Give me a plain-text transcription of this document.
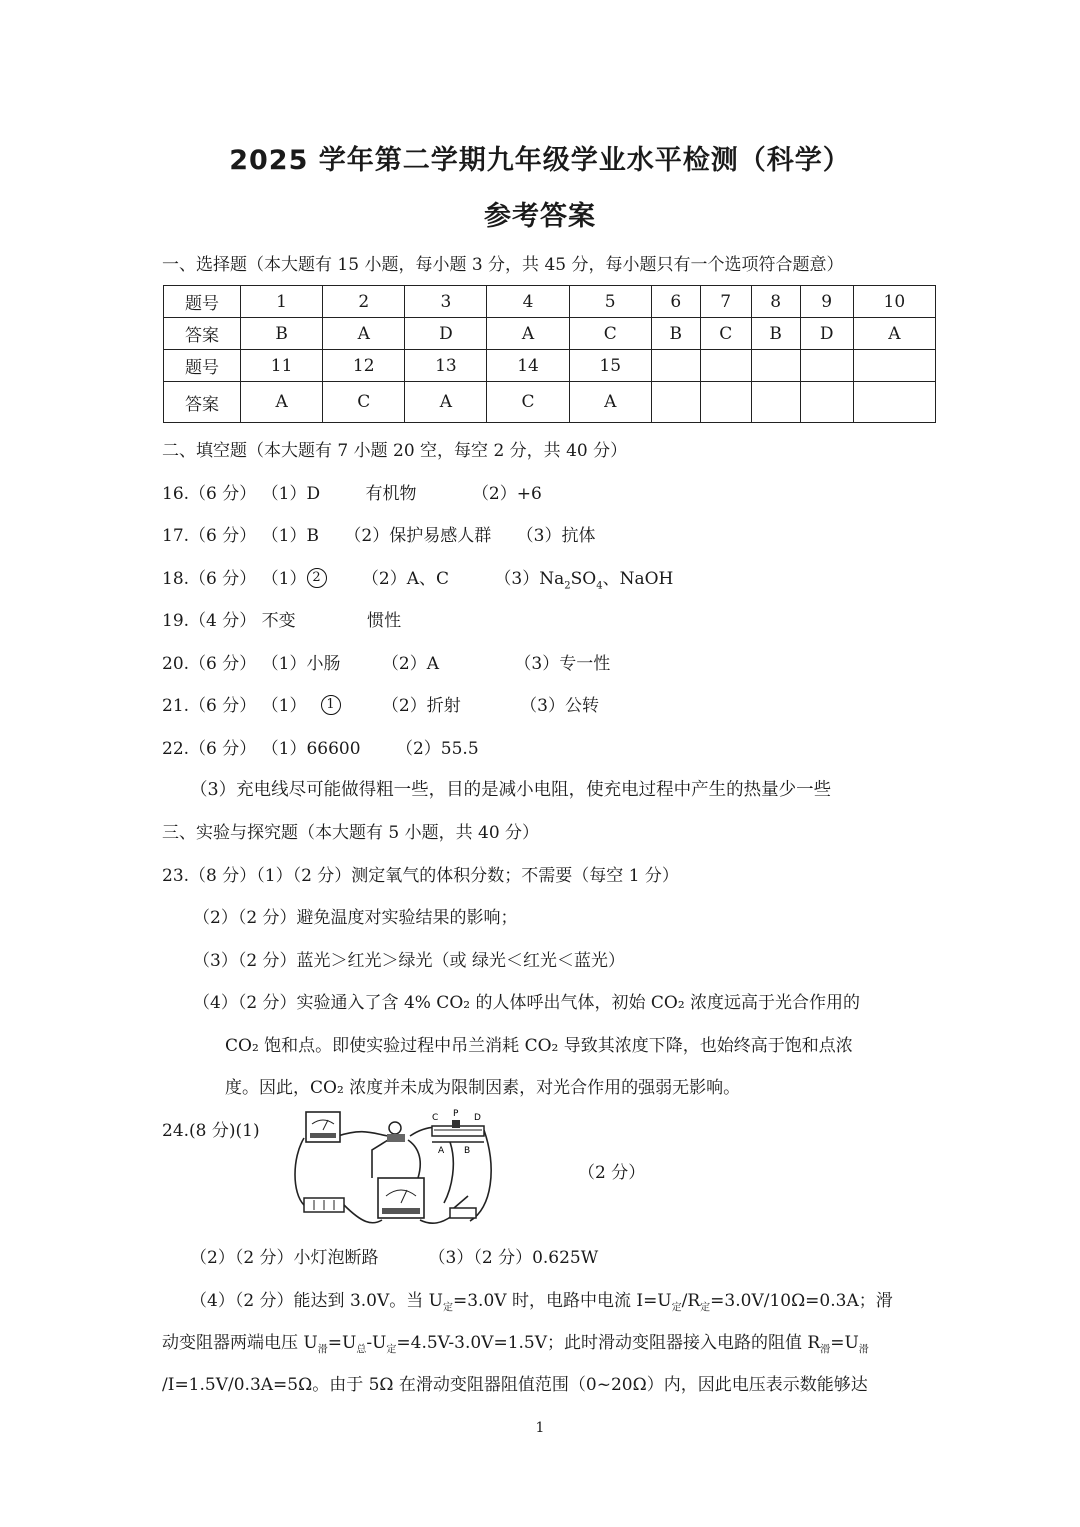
2025 学年第二学期九年级学业水平检测（科学）
参考答案
一、选择题（本大题有 15 小题，每小题 3 分，共 45 分，每小题只有一个选项符合题意）
题号	1	2	3	4	5	6	7	8	9	10
答案	B	A	D	A	C	B	C	B	D	A
题号	11	12	13	14	15					
答案	A	C	A	C	A					
二、填空题（本大题有 7 小题 20 空，每空 2 分，共 40 分）
16.（6 分） （1）D	有机物	（2）+6
17.（6 分） （1）B （2）保护易感人群 （3）抗体
18.（6 分） （1） 2 （2）A、C	$(3)Na_2SO_4$、NaOH
19.（4 分） 不变	惯性
20.（6 分） （1）小肠 （2）A	（3）专一性
21.（6 分） （1） 1	（2）折射	（3）公转
22.（6 分） （1）66600 （2）55.5
（3）充电线尽可能做得粗一些，目的是减小电阻，使充电过程中产生的热量少一些
三、实验与探究题（本大题有 5 小题，共 40 分）
23.（8 分）（1）（2 分）测定氧气的体积分数；不需要（每空 1 分）
（2）（2 分）避免温度对实验结果的影响；
（3）（2 分）蓝光＞红光＞绿光（或 绿光＜红光＜蓝光）
（4）（2 分）实验通入了含 4% CO₂ 的人体呼出气体，初始 CO₂ 浓度远高于光合作用的
CO₂ 饱和点。即使实验过程中吊兰消耗 CO₂ 导致其浓度下降，也始终高于饱和点浓
度。因此，CO₂ 浓度并未成为限制因素，对光合作用的强弱无影响。
24.(8 分)(1)
（2 分）
C P D
A B
（2）（2 分）小灯泡断路	（3）（2 分）0.625W
（4）（2 分）能达到 3.0V。当 $U_定=3.0V$ 时，电路中电流 $I=U_定/R_定=3.0V/10\Omega=0.3A$；滑
动变阻器两端电压 $U_滑=U_总-U_定=4.5V-3.0V=1.5V$；此时滑动变阻器接入电路的阻值 $R_滑=U_滑$
/I=1.5V/0.3A=5Ω。由于 5Ω 在滑动变阻器阻值范围（0~20Ω）内，因此电压表示数能够达
1
